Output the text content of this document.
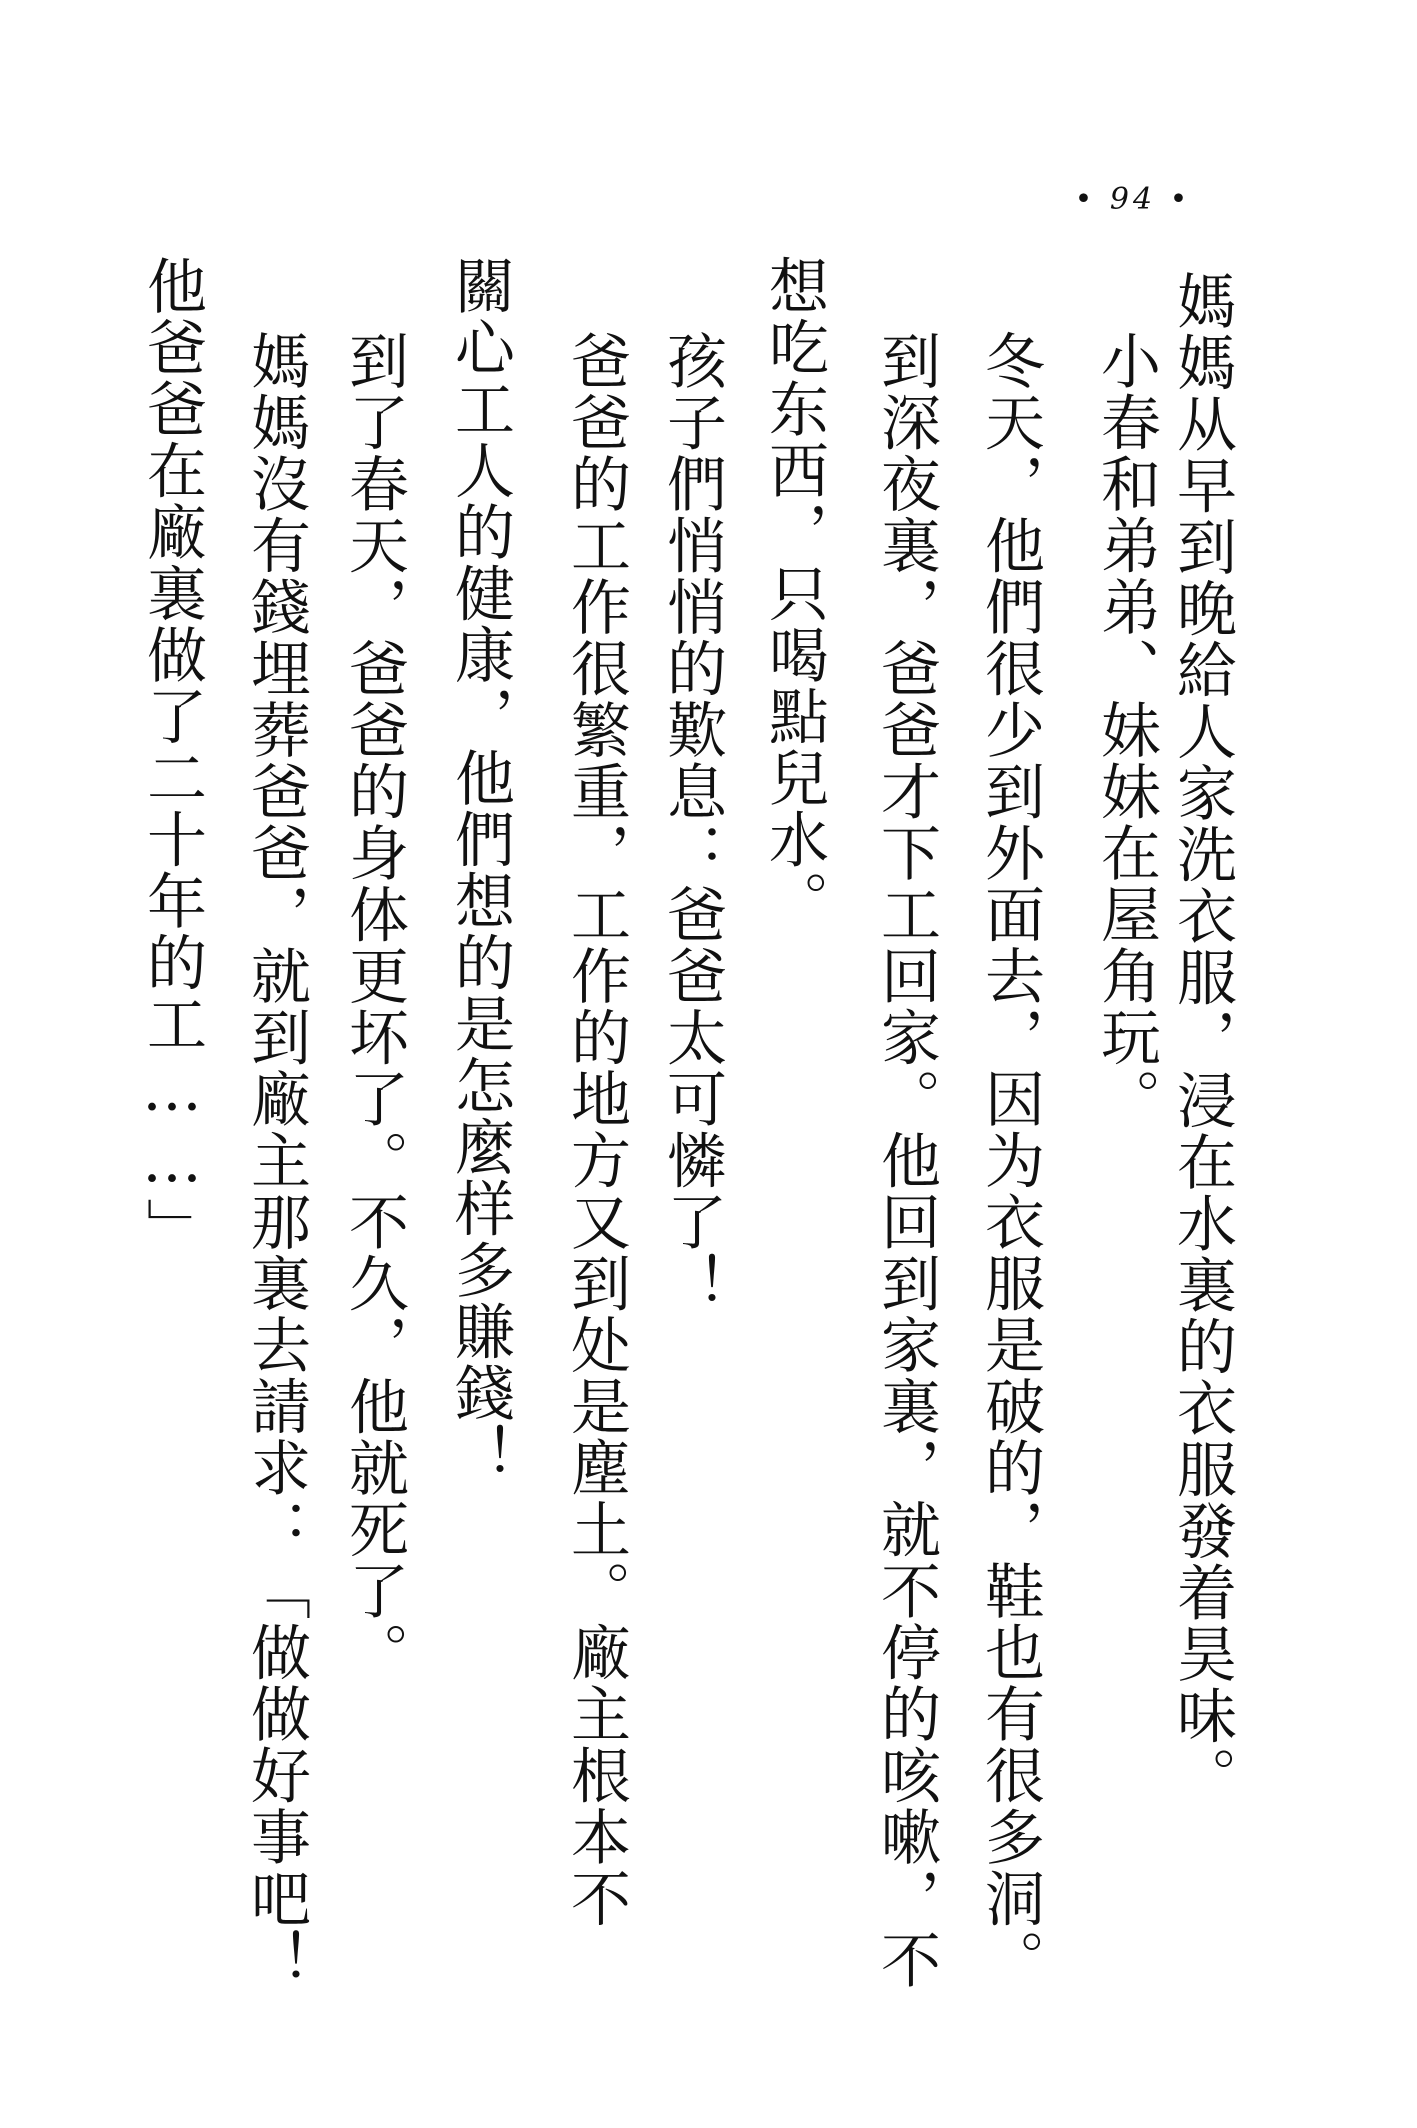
• 94 •
媽媽从早到晚給人家洗衣服，浸在水裏的衣服發着昊味。
小春和弟弟、妹妹在屋角玩。
冬天，他們很少到外面去，因为衣服是破的，鞋也有很多洞。
到深夜裏，爸爸才下工回家。他回到家裏，就不停的咳嗽，不
想吃东西，只喝點兒水。
孩子們悄悄的歎息：爸爸太可憐了！
爸爸的工作很繁重，工作的地方又到处是塵土。廠主根本不
關心工人的健康，他們想的是怎麼样多賺錢！
到了春天，爸爸的身体更坏了。不久，他就死了。
媽媽沒有錢埋葬爸爸，就到廠主那裏去請求：「做做好事吧！
他爸爸在廠裏做了二十年的工……」
